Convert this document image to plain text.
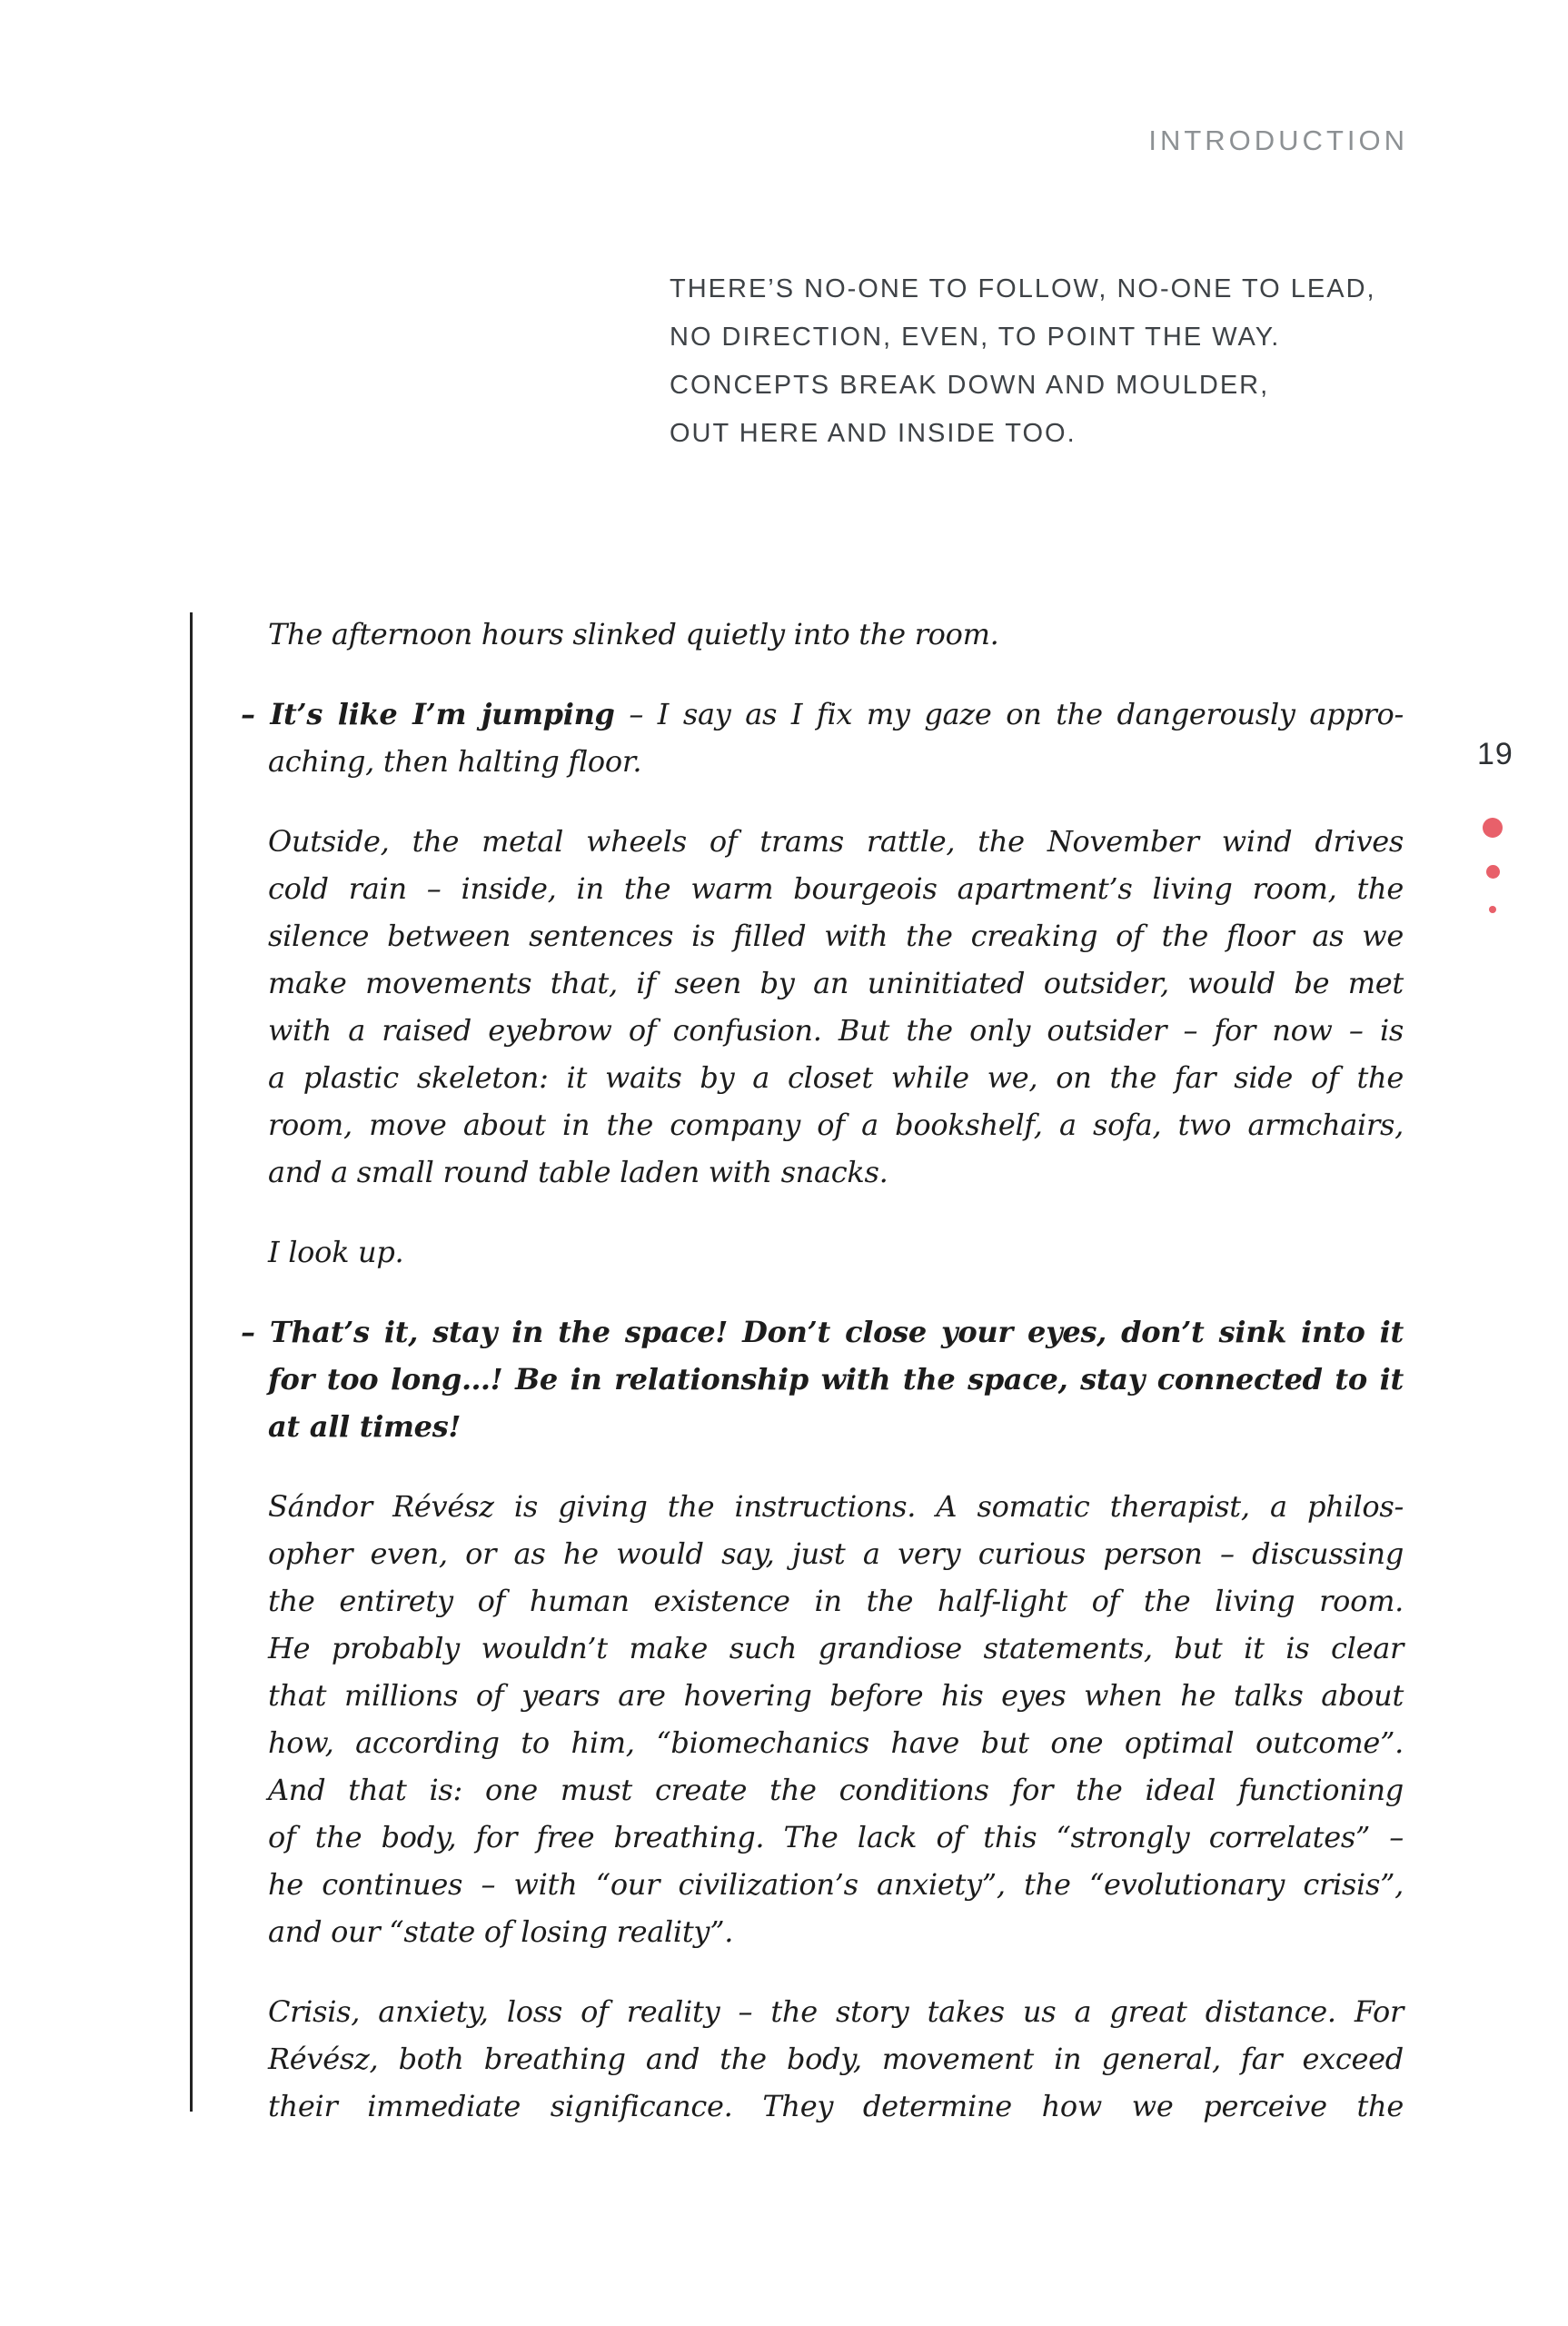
INTRODUCTION
THERE’S NO-ONE TO FOLLOW, NO-ONE TO LEAD,
NO DIRECTION, EVEN, TO POINT THE WAY.
CONCEPTS BREAK DOWN AND MOULDER,
OUT HERE AND INSIDE TOO.
The afternoon hours slinked quietly into the room.
– It’s like I’m jumping – I say as I fix my gaze on the dangerously appro-
aching, then halting floor.
Outside, the metal wheels of trams rattle, the November wind drives
cold rain – inside, in the warm bourgeois apartment’s living room, the
silence between sentences is filled with the creaking of the floor as we
make movements that, if seen by an uninitiated outsider, would be met
with a raised eyebrow of confusion. But the only outsider – for now – is
a plastic skeleton: it waits by a closet while we, on the far side of the
room, move about in the company of a bookshelf, a sofa, two armchairs,
and a small round table laden with snacks.
I look up.
– That’s it, stay in the space! Don’t close your eyes, don’t sink into it
for too long…! Be in relationship with the space, stay connected to it
at all times!
Sándor Révész is giving the instructions. A somatic therapist, a philos-
opher even, or as he would say, just a very curious person – discussing
the entirety of human existence in the half-light of the living room.
He probably wouldn’t make such grandiose statements, but it is clear
that millions of years are hovering before his eyes when he talks about
how, according to him, “biomechanics have but one optimal outcome”.
And that is: one must create the conditions for the ideal functioning
of the body, for free breathing. The lack of this “strongly correlates” –
he continues – with “our civilization’s anxiety”, the “evolutionary crisis”,
and our “state of losing reality”.
Crisis, anxiety, loss of reality – the story takes us a great distance. For
Révész, both breathing and the body, movement in general, far exceed
their immediate significance. They determine how we perceive the
19
